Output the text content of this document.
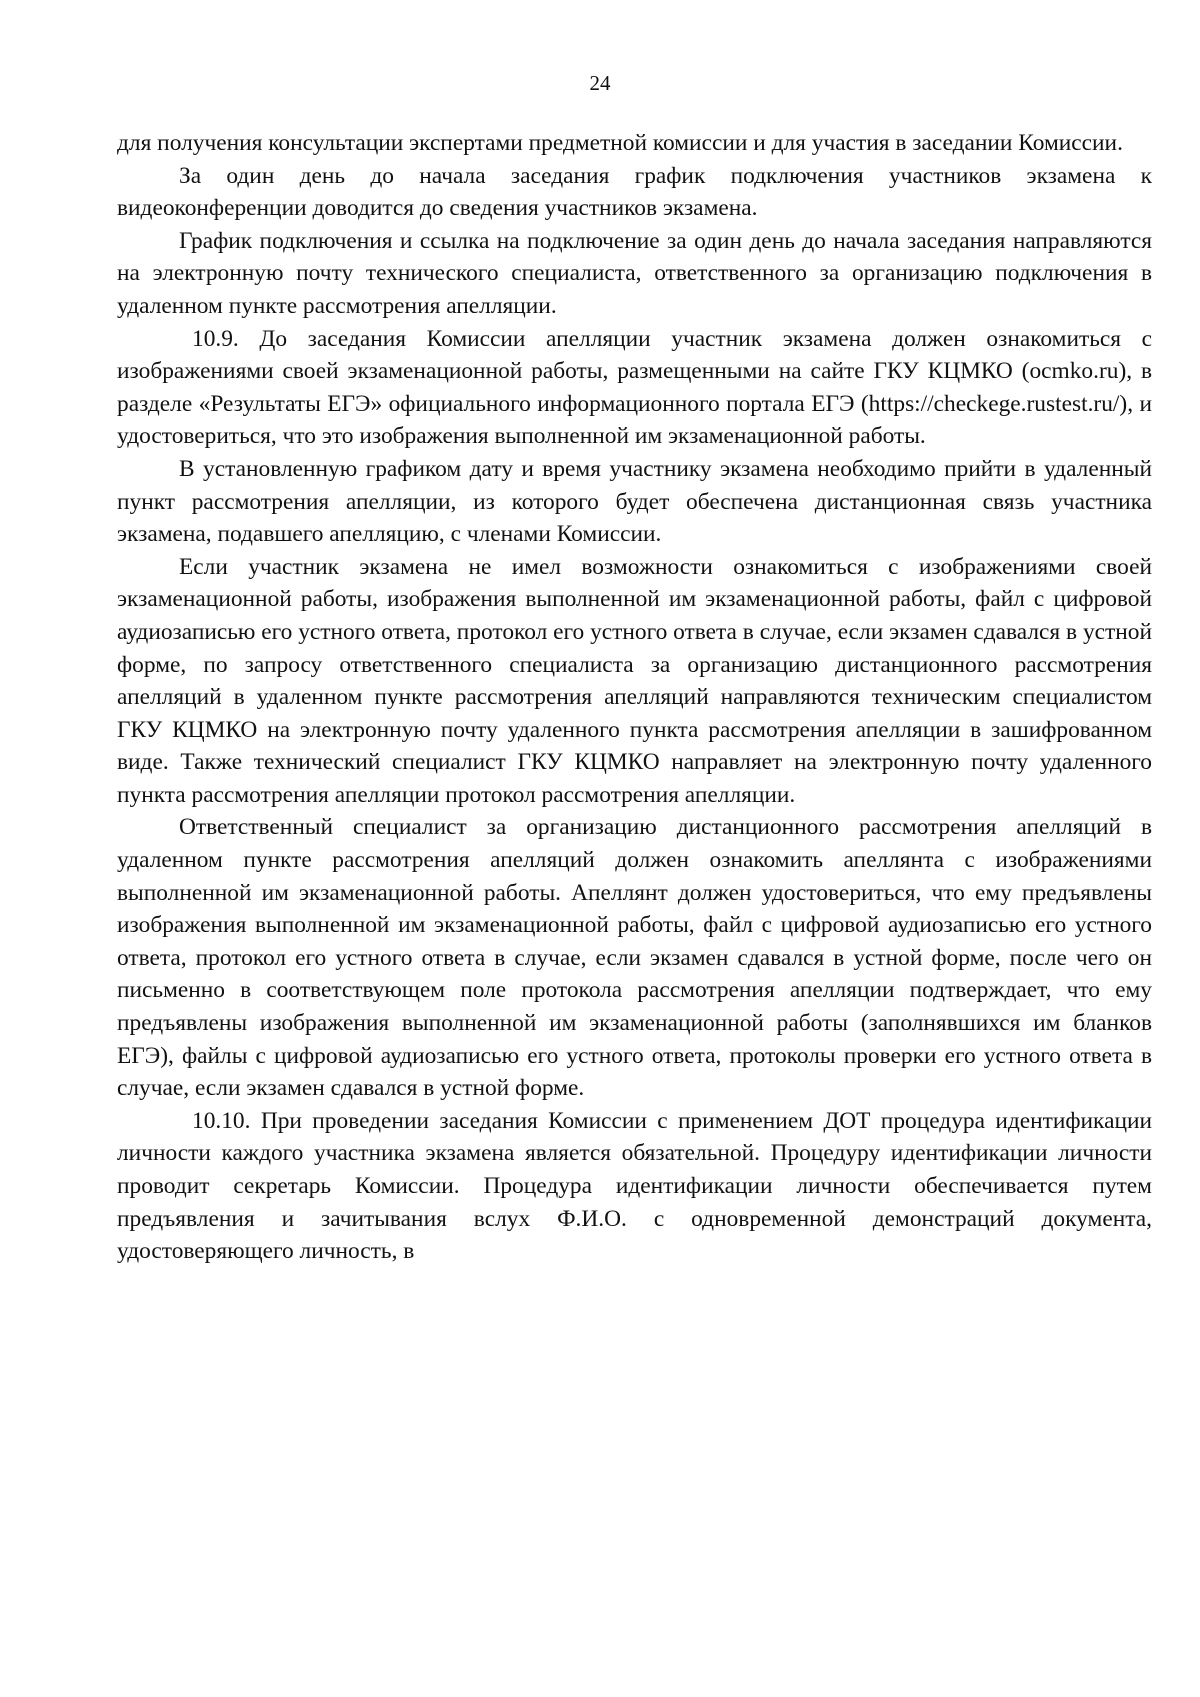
24

для получения консультации экспертами предметной комиссии и для участия в заседании Комиссии.

За один день до начала заседания график подключения участников экзамена к видеоконференции доводится до сведения участников экзамена.

График подключения и ссылка на подключение за один день до начала заседания направляются на электронную почту технического специалиста, ответственного за организацию подключения в удаленном пункте рассмотрения апелляции.

10.9. До заседания Комиссии апелляции участник экзамена должен ознакомиться с изображениями своей экзаменационной работы, размещенными на сайте ГКУ КЦМКО (ocmko.ru), в разделе «Результаты ЕГЭ» официального информационного портала ЕГЭ (https://checkege.rustest.ru/), и удостовериться, что это изображения выполненной им экзаменационной работы.

В установленную графиком дату и время участнику экзамена необходимо прийти в удаленный пункт рассмотрения апелляции, из которого будет обеспечена дистанционная связь участника экзамена, подавшего апелляцию, с членами Комиссии.

Если участник экзамена не имел возможности ознакомиться с изображениями своей экзаменационной работы, изображения выполненной им экзаменационной работы, файл с цифровой аудиозаписью его устного ответа, протокол его устного ответа в случае, если экзамен сдавался в устной форме, по запросу ответственного специалиста за организацию дистанционного рассмотрения апелляций в удаленном пункте рассмотрения апелляций направляются техническим специалистом ГКУ КЦМКО на электронную почту удаленного пункта рассмотрения апелляции в зашифрованном виде. Также технический специалист ГКУ КЦМКО направляет на электронную почту удаленного пункта рассмотрения апелляции протокол рассмотрения апелляции.

Ответственный специалист за организацию дистанционного рассмотрения апелляций в удаленном пункте рассмотрения апелляций должен ознакомить апеллянта с изображениями выполненной им экзаменационной работы. Апеллянт должен удостовериться, что ему предъявлены изображения выполненной им экзаменационной работы, файл с цифровой аудиозаписью его устного ответа, протокол его устного ответа в случае, если экзамен сдавался в устной форме, после чего он письменно в соответствующем поле протокола рассмотрения апелляции подтверждает, что ему предъявлены изображения выполненной им экзаменационной работы (заполнявшихся им бланков ЕГЭ), файлы с цифровой аудиозаписью его устного ответа, протоколы проверки его устного ответа в случае, если экзамен сдавался в устной форме.

10.10. При проведении заседания Комиссии с применением ДОТ процедура идентификации личности каждого участника экзамена является обязательной. Процедуру идентификации личности проводит секретарь Комиссии. Процедура идентификации личности обеспечивается путем предъявления и зачитывания вслух Ф.И.О. с одновременной демонстраций документа, удостоверяющего личность, в
